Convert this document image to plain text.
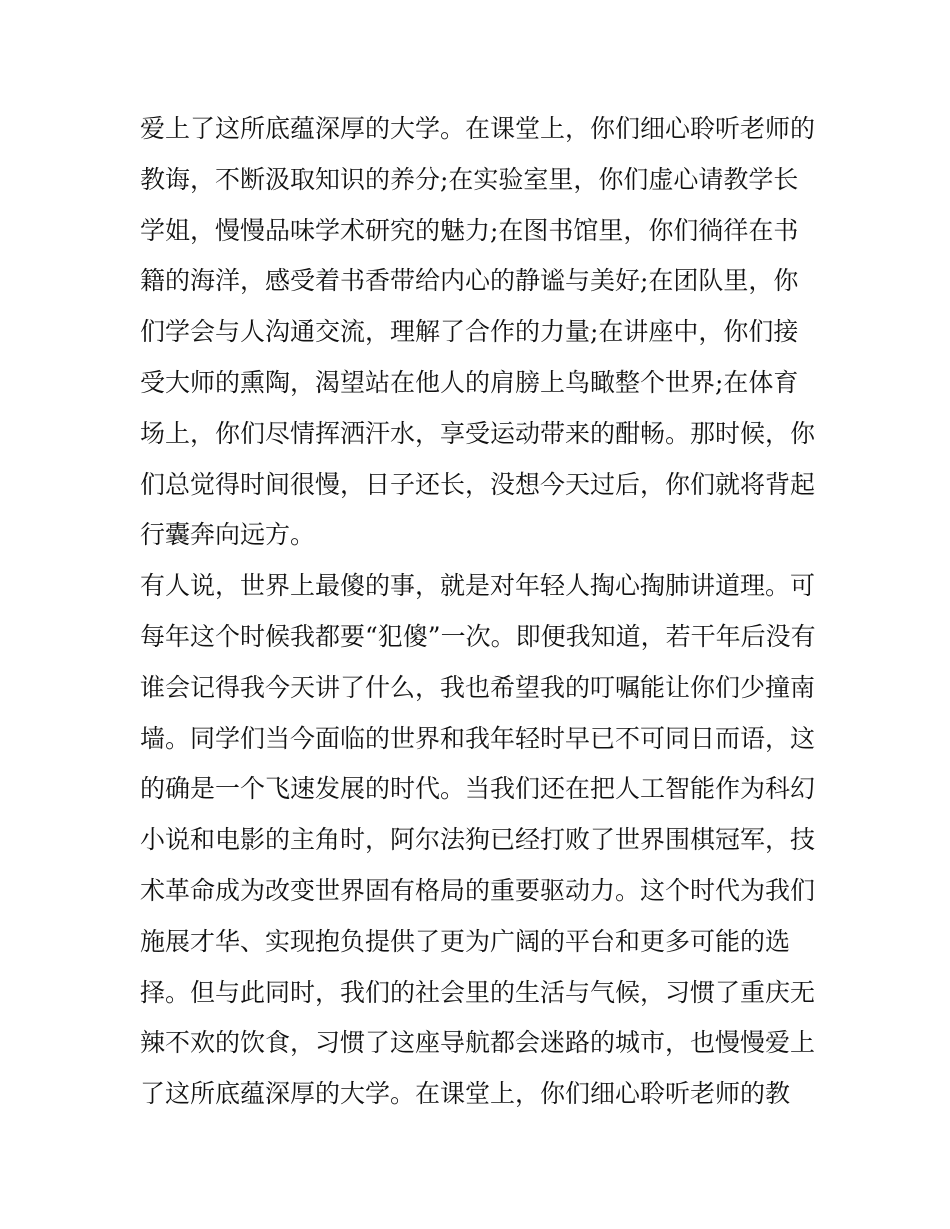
爱上了这所底蕴深厚的大学。在课堂上，你们细心聆听老师的
教诲，不断汲取知识的养分;在实验室里，你们虚心请教学长
学姐，慢慢品味学术研究的魅力;在图书馆里，你们徜徉在书
籍的海洋，感受着书香带给内心的静谧与美好;在团队里，你
们学会与人沟通交流，理解了合作的力量;在讲座中，你们接
受大师的熏陶，渴望站在他人的肩膀上鸟瞰整个世界;在体育
场上，你们尽情挥洒汗水，享受运动带来的酣畅。那时候，你
们总觉得时间很慢，日子还长，没想今天过后，你们就将背起
行囊奔向远方。
有人说，世界上最傻的事，就是对年轻人掏心掏肺讲道理。可
每年这个时候我都要“犯傻”一次。即便我知道，若干年后没有
谁会记得我今天讲了什么，我也希望我的叮嘱能让你们少撞南
墙。同学们当今面临的世界和我年轻时早已不可同日而语，这
的确是一个飞速发展的时代。当我们还在把人工智能作为科幻
小说和电影的主角时，阿尔法狗已经打败了世界围棋冠军，技
术革命成为改变世界固有格局的重要驱动力。这个时代为我们
施展才华、实现抱负提供了更为广阔的平台和更多可能的选
择。但与此同时，我们的社会里的生活与气候，习惯了重庆无
辣不欢的饮食，习惯了这座导航都会迷路的城市，也慢慢爱上
了这所底蕴深厚的大学。在课堂上，你们细心聆听老师的教
